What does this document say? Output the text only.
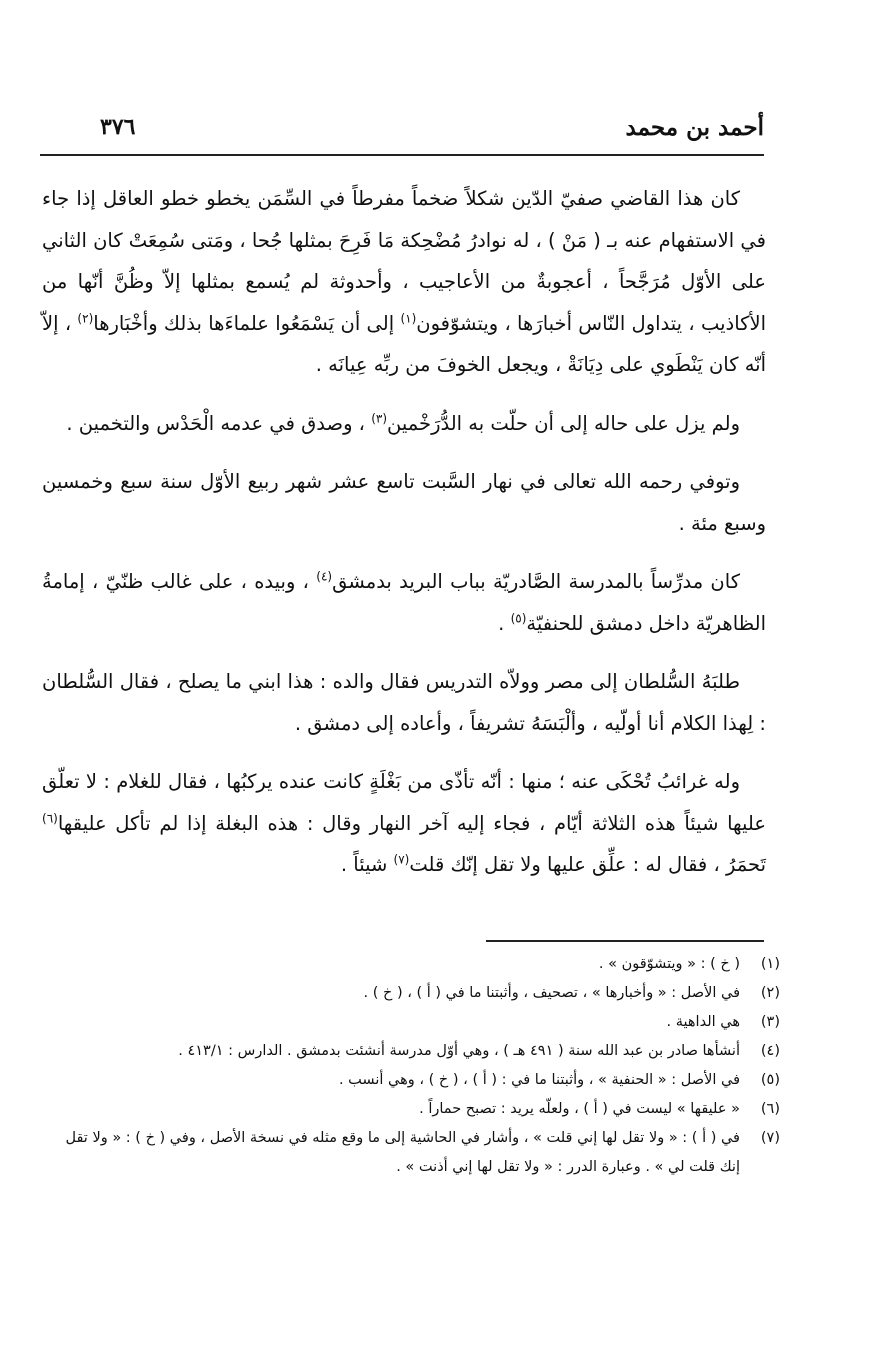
أحمد بن محمد
٣٧٦

كان هذا القاضي صفيّ الدّين شكلاً ضخماً مفرطاً في السِّمَن يخطو خطو العاقل إذا جاء في الاستفهام عنه بـ ( مَنْ ) ، له نوادرُ مُضْحِكة مَا فَرِحَ بمثلها جُحا ، ومَتى سُمِعَتْ كان الثاني على الأوّل مُرَجَّحاً ، أعجوبةٌ من الأعاجيب ، وأحدوثة لم يُسمع بمثلها إلاّ وظُنَّ أنّها من الأكاذيب ، يتداول النّاس أخبارَها ، ويتشوّفون$^{(١)}$ إلى أن يَسْمَعُوا علماءَها بذلك وأخْبَارها$^{(٢)}$ ، إلاّ أنّه كان يَنْطَوي على دِيَانَةْ ، ويجعل الخوفَ من ربِّه عِيانَه .

ولم يزل على حاله إلى أن حلّت به الدُّرَخْمين$^{(٣)}$ ، وصدق في عدمه الْحَدْس والتخمين .

وتوفي رحمه الله تعالى في نهار السَّبت تاسع عشر شهر ربيع الأوّل سنة سبع وخمسين وسبع مئة .

كان مدرِّساً بالمدرسة الصَّادريّة بباب البريد بدمشق$^{(٤)}$ ، وبيده ، على غالب ظنّيّ ، إمامةُ الظاهريّة داخل دمشق للحنفيّة$^{(٥)}$ .

طلبَهُ السُّلطان إلى مصر وولاّه التدريس فقال والده : هذا ابني ما يصلح ، فقال السُّلطان : لِهذا الكلام أنا أولّيه ، وألْبَسَهُ تشريفاً ، وأعاده إلى دمشق .

وله غرائبُ تُحْكَى عنه ؛ منها : أنّه تأذّى من بَغْلَةٍ كانت عنده يركبُها ، فقال للغلام : لا تعلّق عليها شيئاً هذه الثلاثة أيّام ، فجاء إليه آخر النهار وقال : هذه البغلة إذا لم تأكل عليقها$^{(٦)}$ تَحمَرُ ، فقال له : علِّق عليها ولا تقل إنّك قلت$^{(٧)}$ شيئاً .

(١)
( خ ) : « ويتشوّقون » .
(٢)
في الأصل : « وأخبارها » ، تصحيف ، وأثبتنا ما في ( أ ) ، ( خ ) .
(٣)
هي الداهية .
(٤)
أنشأها صادر بن عبد الله سنة ( ٤٩١ هـ ) ، وهي أوّل مدرسة أنشئت بدمشق . الدارس : ٤١٣/١ .
(٥)
في الأصل : « الحنفية » ، وأثبتنا ما في : ( أ ) ، ( خ ) ، وهي أنسب .
(٦)
« عليقها » ليست في ( أ ) ، ولعلّه يريد : تصبح حماراً .
(٧)
في ( أ ) : « ولا تقل لها إني قلت » ، وأشار في الحاشية إلى ما وقع مثله في نسخة الأصل ، وفي ( خ ) : « ولا تقل إنك قلت لي » . وعبارة الدرر : « ولا تقل لها إني أذنت » .
